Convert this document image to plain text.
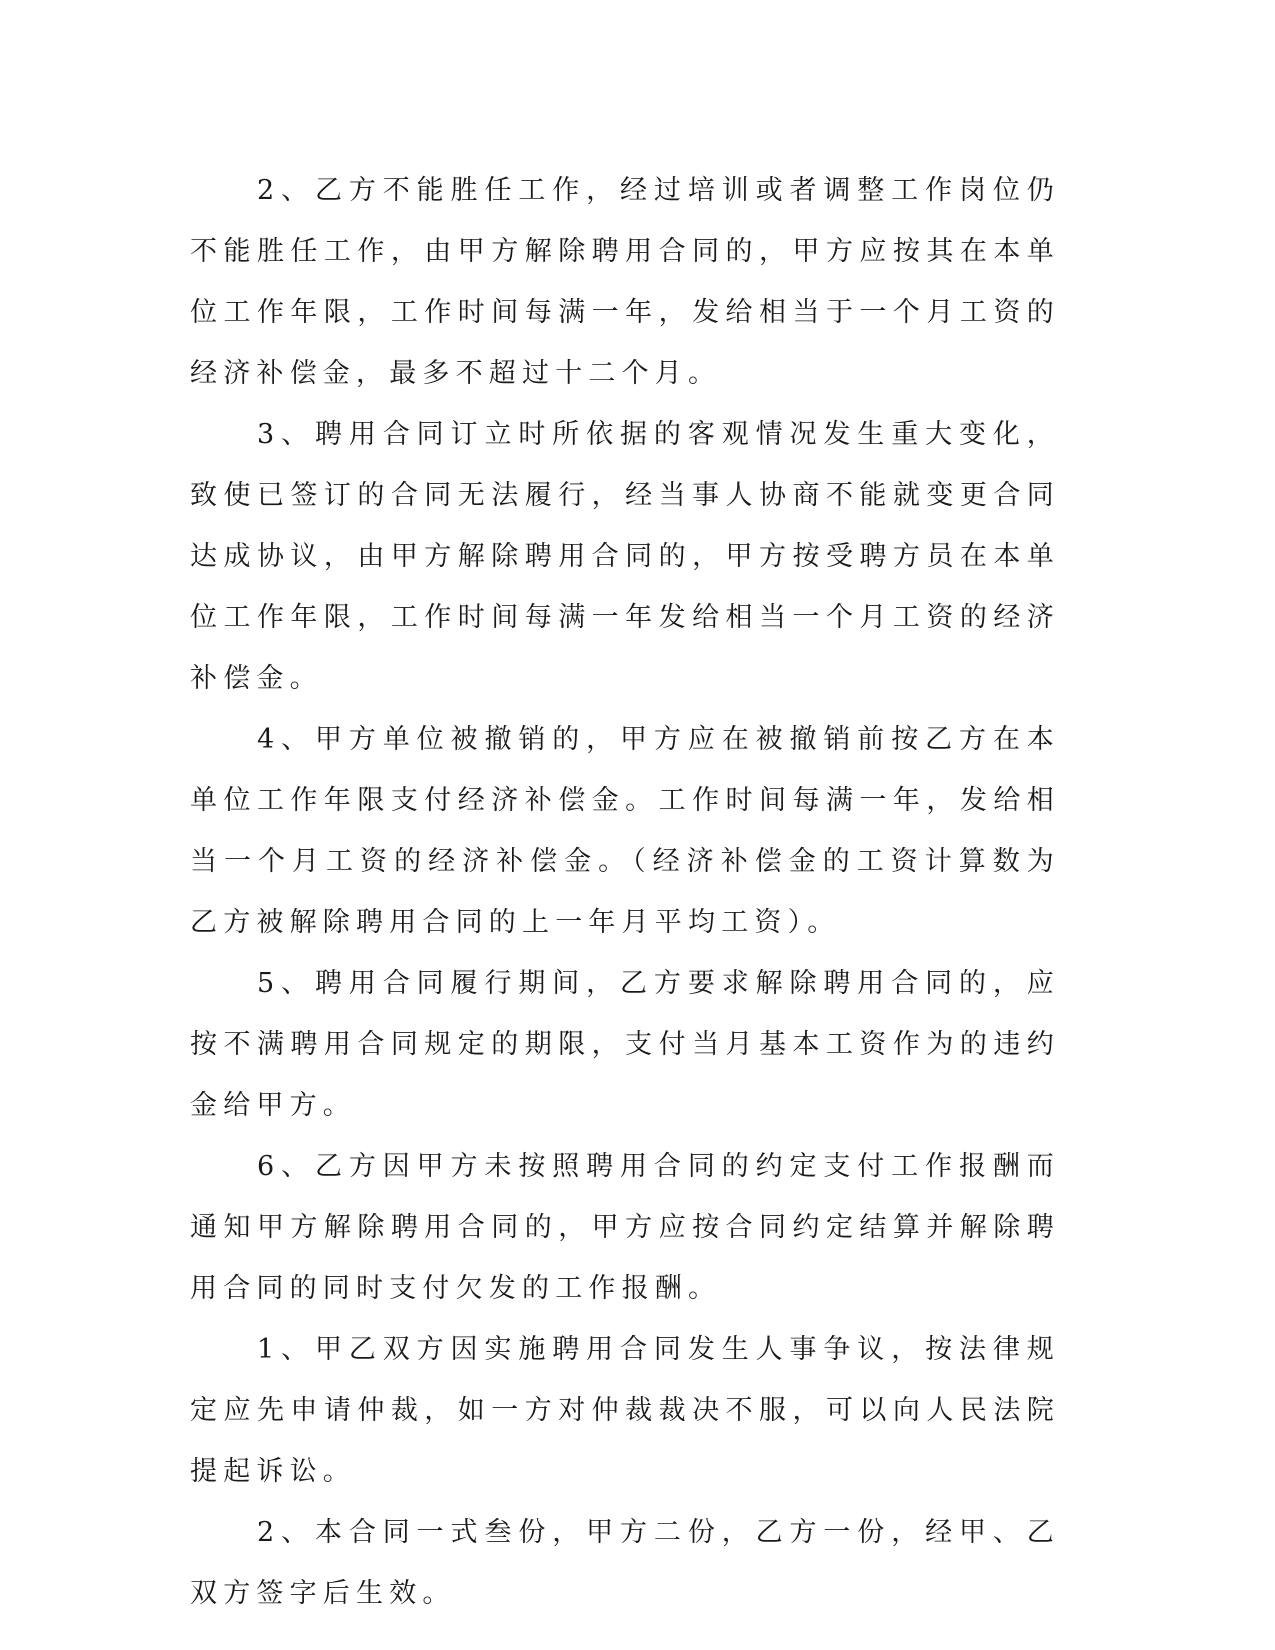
2、乙方不能胜任工作，经过培训或者调整工作岗位仍不能胜任工作，由甲方解除聘用合同的，甲方应按其在本单位工作年限，工作时间每满一年，发给相当于一个月工资的经济补偿金，最多不超过十二个月。

3、聘用合同订立时所依据的客观情况发生重大变化，致使已签订的合同无法履行，经当事人协商不能就变更合同达成协议，由甲方解除聘用合同的，甲方按受聘方员在本单位工作年限，工作时间每满一年发给相当一个月工资的经济补偿金。

4、甲方单位被撤销的，甲方应在被撤销前按乙方在本单位工作年限支付经济补偿金。工作时间每满一年，发给相当一个月工资的经济补偿金。（经济补偿金的工资计算数为乙方被解除聘用合同的上一年月平均工资）。

5、聘用合同履行期间，乙方要求解除聘用合同的，应按不满聘用合同规定的期限，支付当月基本工资作为的违约金给甲方。

6、乙方因甲方未按照聘用合同的约定支付工作报酬而通知甲方解除聘用合同的，甲方应按合同约定结算并解除聘用合同的同时支付欠发的工作报酬。

1、甲乙双方因实施聘用合同发生人事争议，按法律规定应先申请仲裁，如一方对仲裁裁决不服，可以向人民法院提起诉讼。

2、本合同一式叁份，甲方二份，乙方一份，经甲、乙双方签字后生效。
